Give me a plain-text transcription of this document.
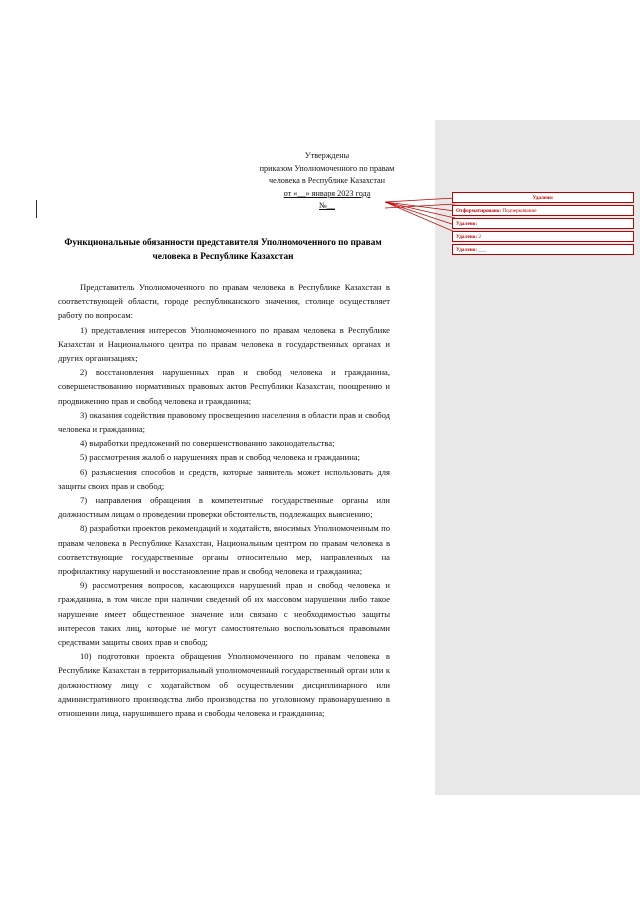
Утверждены
приказом Уполномоченного по правам
человека в Республике Казахстан
от «__» января 2023 года
№__
Функциональные обязанности представителя Уполномоченного по правам человека в Республике Казахстан

Представитель Уполномоченного по правам человека в Республике Казахстан в соответствующей области, городе республиканского значения, столице осуществляет работу по вопросам:

1) представления интересов Уполномоченного по правам человека в Республике Казахстан и Национального центра по правам человека в государственных органах и других организациях;

2) восстановления нарушенных прав и свобод человека и гражданина, совершенствованию нормативных правовых актов Республики Казахстан, поощрению и продвижению прав и свобод человека и гражданина;

3) оказания содействия правовому просвещению населения в области прав и свобод человека и гражданина;

4) выработки предложений по совершенствованию законодательства;

5) рассмотрения жалоб о нарушениях прав и свобод человека и гражданина;

6) разъяснения способов и средств, которые заявитель может использовать для защиты своих прав и свобод;

7) направления обращения в компетентные государственные органы или должностным лицам о проведении проверки обстоятельств, подлежащих выяснению;

8) разработки проектов рекомендаций и ходатайств, вносимых Уполномоченным по правам человека в Республике Казахстан, Национальным центром по правам человека в соответствующие государственные органы относительно мер, направленных на профилактику нарушений и восстановление прав и свобод человека и гражданина;

9) рассмотрения вопросов, касающихся нарушений прав и свобод человека и гражданина, в том числе при наличии сведений об их массовом нарушении либо такое нарушение имеет общественное значение или связано с необходимостью защиты интересов таких лиц, которые не могут самостоятельно воспользоваться правовыми средствами защиты своих прав и свобод;

10) подготовки проекта обращения Уполномоченного по правам человека в Республике Казахстан в территориальный уполномоченный государственный орган или к должностному лицу с ходатайством об осуществлении дисциплинарного или административного производства либо производства по уголовному правонарушению в отношении лица, нарушившего права и свободы человека и гражданина;

Удалено:
Отформатировано: Подчеркивание
Удалено:
Удалено: 2
Удалено: ___
